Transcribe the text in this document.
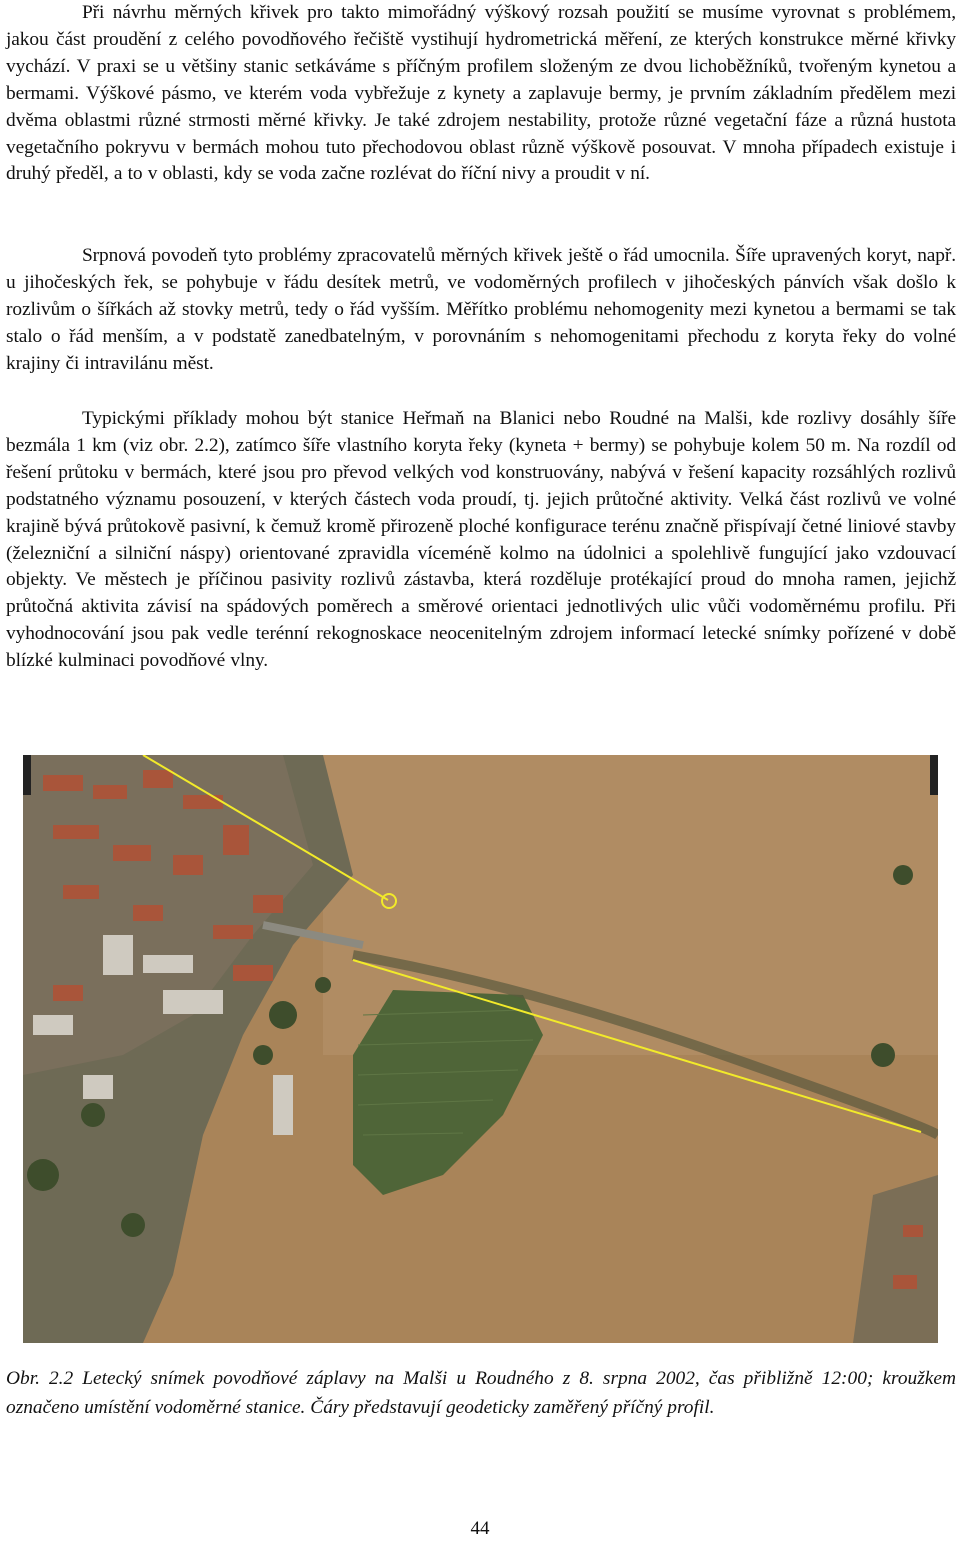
Při návrhu měrných křivek pro takto mimořádný výškový rozsah použití se musíme vyrovnat s problémem, jakou část proudění z celého povodňového řečiště vystihují hydrometrická měření, ze kterých konstrukce měrné křivky vychází. V praxi se u většiny stanic setkáváme s příčným profilem složeným ze dvou lichoběžníků, tvořeným kynetou a bermami. Výškové pásmo, ve kterém voda vybřežuje z kynety a zaplavuje bermy, je prvním základním předělem mezi dvěma oblastmi různé strmosti měrné křivky. Je také zdrojem nestability, protože různé vegetační fáze a různá hustota vegetačního pokryvu v bermách mohou tuto přechodovou oblast různě výškově posouvat. V mnoha případech existuje i druhý předěl, a to v oblasti, kdy se voda začne rozlévat do říční nivy a proudit v ní.

Srpnová povodeň tyto problémy zpracovatelů měrných křivek ještě o řád umocnila. Šíře upravených koryt, např. u jihočeských řek, se pohybuje v řádu desítek metrů, ve vodoměrných profilech v jihočeských pánvích však došlo k rozlivům o šířkách až stovky metrů, tedy o řád vyšším. Měřítko problému nehomogenity mezi kynetou a bermami se tak stalo o řád menším, a v podstatě zanedbatelným, v porovnáním s nehomogenitami přechodu z koryta řeky do volné krajiny či intravilánu měst.

Typickými příklady mohou být stanice Heřmaň na Blanici nebo Roudné na Malši, kde rozlivy dosáhly šíře bezmála 1 km (viz obr. 2.2), zatímco šíře vlastního koryta řeky (kyneta + bermy) se pohybuje kolem 50 m. Na rozdíl od řešení průtoku v bermách, které jsou pro převod velkých vod konstruovány, nabývá v řešení kapacity rozsáhlých rozlivů podstatného významu posouzení, v kterých částech voda proudí, tj. jejich průtočné aktivity. Velká část rozlivů ve volné krajině bývá průtokově pasivní, k čemuž kromě přirozeně ploché konfigurace terénu značně přispívají četné liniové stavby (železniční a silniční náspy) orientované zpravidla víceméně kolmo na údolnici a spolehlivě fungující jako vzdouvací objekty. Ve městech je příčinou pasivity rozlivů zástavba, která rozděluje protékající proud do mnoha ramen, jejichž průtočná aktivita závisí na spádových poměrech a směrové orientaci jednotlivých ulic vůči vodoměrnému profilu. Při vyhodnocování jsou pak vedle terénní rekognoskace neocenitelným zdrojem informací letecké snímky pořízené v době blízké kulminaci povodňové vlny.

Obr. 2.2 Letecký snímek povodňové záplavy na Malši u Roudného z 8. srpna 2002, čas přibližně 12:00; kroužkem označeno umístění vodoměrné stanice. Čáry představují geodeticky zaměřený příčný profil.

44
